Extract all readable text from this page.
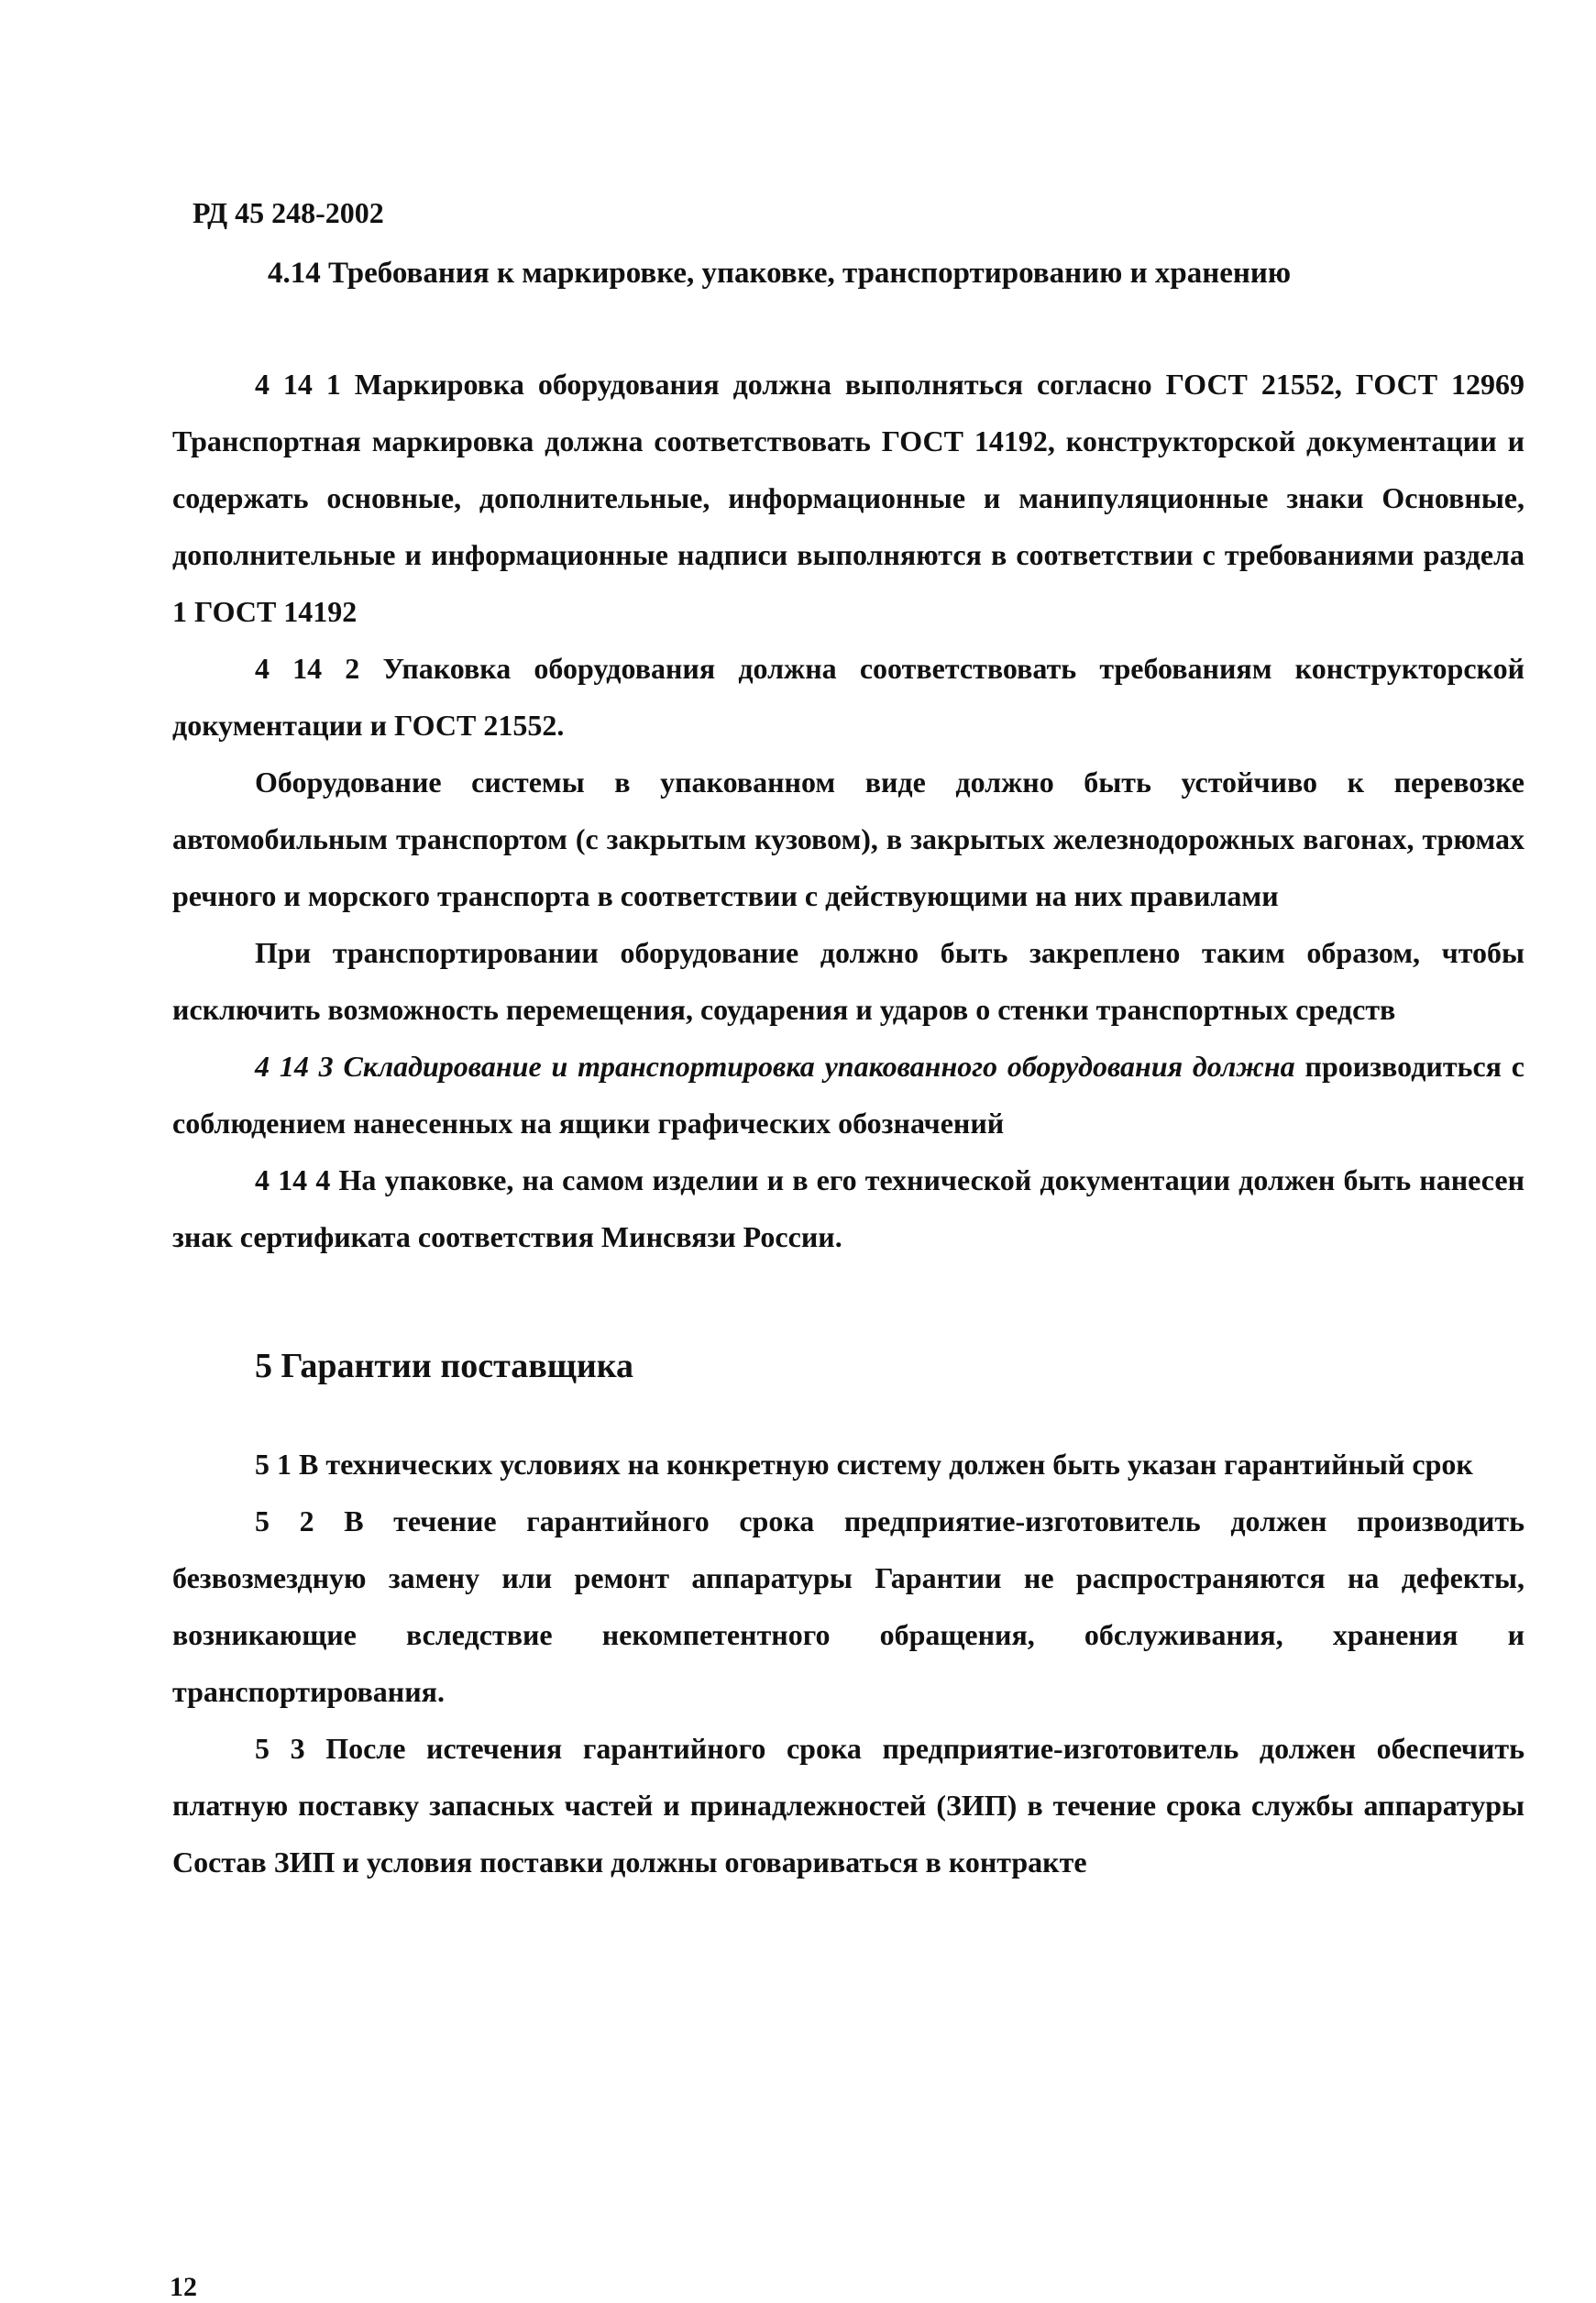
РД 45 248-2002
4.14 Требования к маркировке, упаковке, транспортированию и хранению

4 14 1 Маркировка оборудования должна выполняться согласно ГОСТ 21552, ГОСТ 12969 Транспортная маркировка должна соответствовать ГОСТ 14192, конструкторской документации и содержать основные, дополнительные, информационные и манипуляционные знаки Основные, дополнительные и информационные надписи выполняются в соответствии с требованиями раздела 1 ГОСТ 14192

4 14 2 Упаковка оборудования должна соответствовать требованиям конструкторской документации и ГОСТ 21552.

Оборудование системы в упакованном виде должно быть устойчиво к перевозке автомобильным транспортом (с закрытым кузовом), в закрытых железнодорожных вагонах, трюмах речного и морского транспорта в соответствии с действующими на них правилами

При транспортировании оборудование должно быть закреплено таким образом, чтобы исключить возможность перемещения, соударения и ударов о стенки транспортных средств

4 14 3 Складирование и транспортировка упакованного оборудования должна производиться с соблюдением нанесенных на ящики графических обозначений

4 14 4 На упаковке, на самом изделии и в его технической документации должен быть нанесен знак сертификата соответствия Минсвязи России.

5 Гарантии поставщика

5 1 В технических условиях на конкретную систему должен быть указан гарантийный срок

5 2 В течение гарантийного срока предприятие-изготовитель должен производить безвозмездную замену или ремонт аппаратуры Гарантии не распространяются на дефекты, возникающие вследствие некомпетентного обращения, обслуживания, хранения и транспортирования.

5 3 После истечения гарантийного срока предприятие-изготовитель должен обеспечить платную поставку запасных частей и принадлежностей (ЗИП) в течение срока службы аппаратуры Состав ЗИП и условия поставки должны оговариваться в контракте

12
